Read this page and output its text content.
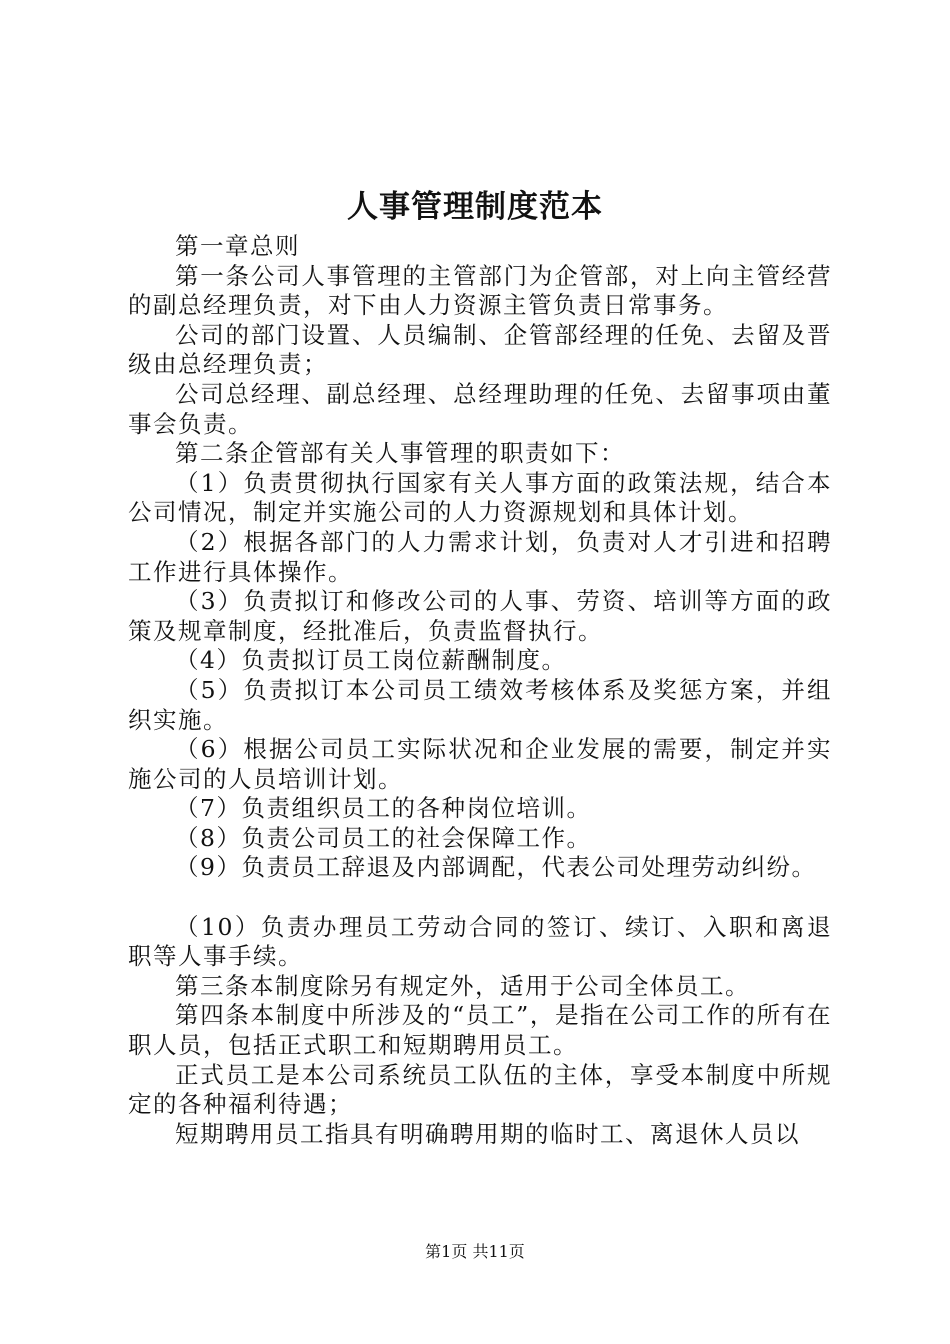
人事管理制度范本

第一章总则

第一条公司人事管理的主管部门为企管部，对上向主管经营的副总经理负责，对下由人力资源主管负责日常事务。

公司的部门设置、人员编制、企管部经理的任免、去留及晋级由总经理负责；

公司总经理、副总经理、总经理助理的任免、去留事项由董事会负责。

第二条企管部有关人事管理的职责如下：

（1）负责贯彻执行国家有关人事方面的政策法规，结合本公司情况，制定并实施公司的人力资源规划和具体计划。

（2）根据各部门的人力需求计划，负责对人才引进和招聘工作进行具体操作。

（3）负责拟订和修改公司的人事、劳资、培训等方面的政策及规章制度，经批准后，负责监督执行。

（4）负责拟订员工岗位薪酬制度。

（5）负责拟订本公司员工绩效考核体系及奖惩方案，并组织实施。

（6）根据公司员工实际状况和企业发展的需要，制定并实施公司的人员培训计划。

（7）负责组织员工的各种岗位培训。

（8）负责公司员工的社会保障工作。

（9）负责员工辞退及内部调配，代表公司处理劳动纠纷。

（10）负责办理员工劳动合同的签订、续订、入职和离退职等人事手续。

第三条本制度除另有规定外，适用于公司全体员工。

第四条本制度中所涉及的“员工”，是指在公司工作的所有在职人员，包括正式职工和短期聘用员工。

正式员工是本公司系统员工队伍的主体，享受本制度中所规定的各种福利待遇；

短期聘用员工指具有明确聘用期的临时工、离退休人员以

第1页 共11页
